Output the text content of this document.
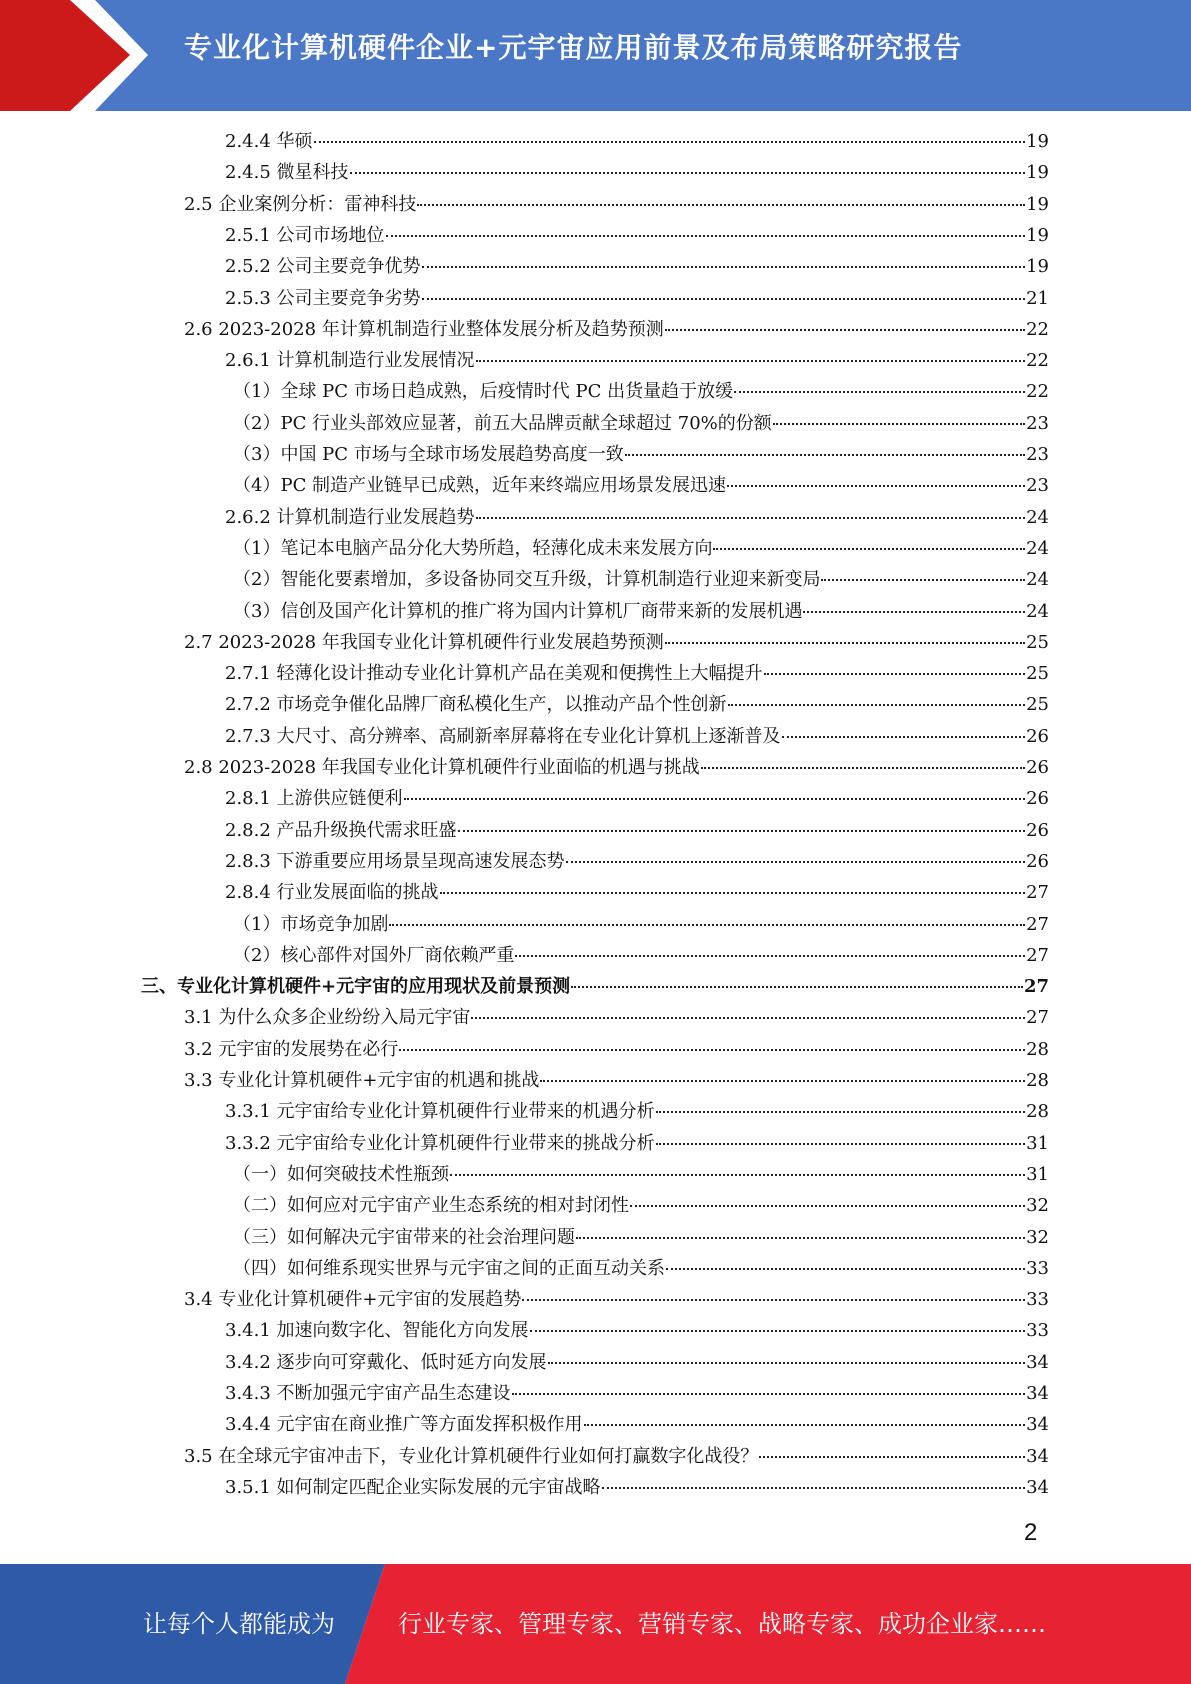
专业化计算机硬件企业+元宇宙应用前景及布局策略研究报告
2.4.4 华硕	19
2.4.5 微星科技	19
2.5 企业案例分析：雷神科技	19
2.5.1 公司市场地位	19
2.5.2 公司主要竞争优势	19
2.5.3 公司主要竞争劣势	21
2.6 2023-2028 年计算机制造行业整体发展分析及趋势预测	22
2.6.1 计算机制造行业发展情况	22
（1）全球 PC 市场日趋成熟，后疫情时代 PC 出货量趋于放缓	22
（2）PC 行业头部效应显著，前五大品牌贡献全球超过 70%的份额	23
（3）中国 PC 市场与全球市场发展趋势高度一致	23
（4）PC 制造产业链早已成熟，近年来终端应用场景发展迅速	23
2.6.2 计算机制造行业发展趋势	24
（1）笔记本电脑产品分化大势所趋，轻薄化成未来发展方向	24
（2）智能化要素增加，多设备协同交互升级，计算机制造行业迎来新变局	24
（3）信创及国产化计算机的推广将为国内计算机厂商带来新的发展机遇	24
2.7 2023-2028 年我国专业化计算机硬件行业发展趋势预测	25
2.7.1 轻薄化设计推动专业化计算机产品在美观和便携性上大幅提升	25
2.7.2 市场竞争催化品牌厂商私模化生产，以推动产品个性创新	25
2.7.3 大尺寸、高分辨率、高刷新率屏幕将在专业化计算机上逐渐普及	26
2.8 2023-2028 年我国专业化计算机硬件行业面临的机遇与挑战	26
2.8.1 上游供应链便利	26
2.8.2 产品升级换代需求旺盛	26
2.8.3 下游重要应用场景呈现高速发展态势	26
2.8.4 行业发展面临的挑战	27
（1）市场竞争加剧	27
（2）核心部件对国外厂商依赖严重	27
三、专业化计算机硬件+元宇宙的应用现状及前景预测	27
3.1 为什么众多企业纷纷入局元宇宙	27
3.2 元宇宙的发展势在必行	28
3.3 专业化计算机硬件+元宇宙的机遇和挑战	28
3.3.1 元宇宙给专业化计算机硬件行业带来的机遇分析	28
3.3.2 元宇宙给专业化计算机硬件行业带来的挑战分析	31
（一）如何突破技术性瓶颈	31
（二）如何应对元宇宙产业生态系统的相对封闭性	32
（三）如何解决元宇宙带来的社会治理问题	32
（四）如何维系现实世界与元宇宙之间的正面互动关系	33
3.4 专业化计算机硬件+元宇宙的发展趋势	33
3.4.1 加速向数字化、智能化方向发展	33
3.4.2 逐步向可穿戴化、低时延方向发展	34
3.4.3 不断加强元宇宙产品生态建设	34
3.4.4 元宇宙在商业推广等方面发挥积极作用	34
3.5 在全球元宇宙冲击下，专业化计算机硬件行业如何打赢数字化战役？	34
3.5.1 如何制定匹配企业实际发展的元宇宙战略	34
2
让每个人都能成为	行业专家、管理专家、营销专家、战略专家、成功企业家……
